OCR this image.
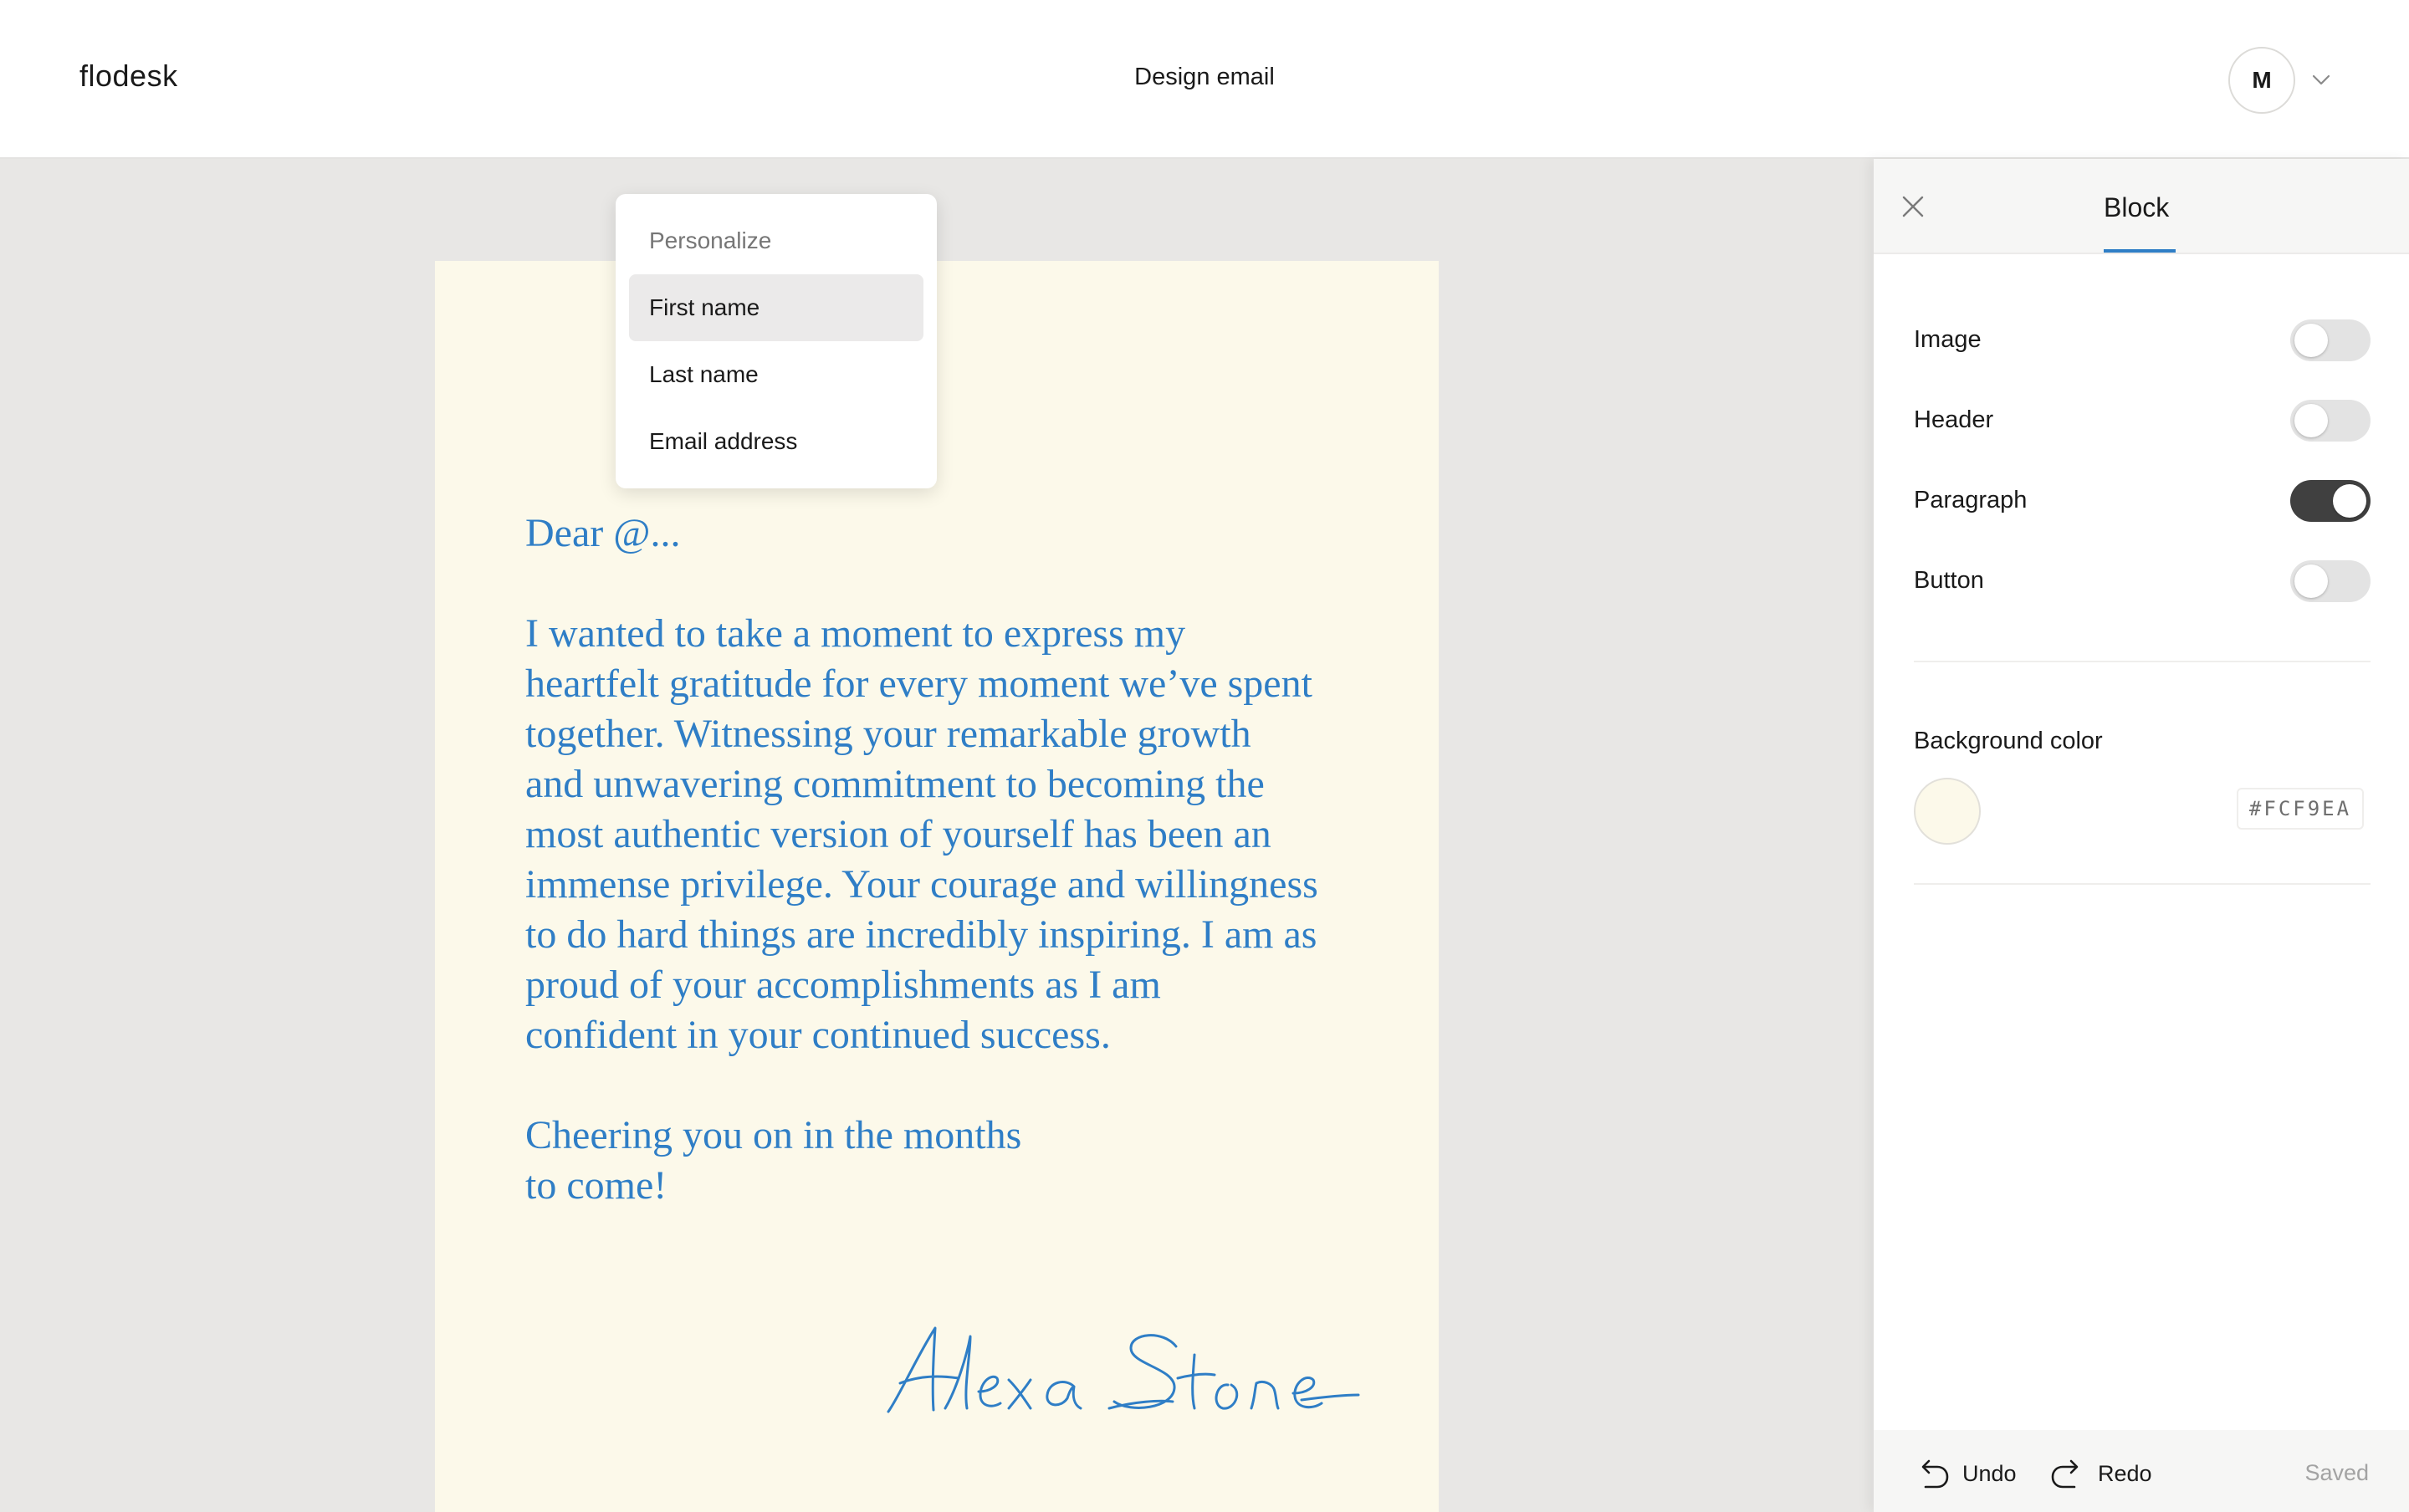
flodesk	Design email	M

Dear @...

I wanted to take a moment to express my
heartfelt gratitude for every moment we’ve spent
together. Witnessing your remarkable growth
and unwavering commitment to becoming the
most authentic version of yourself has been an
immense privilege. Your courage and willingness
to do hard things are incredibly inspiring. I am as
proud of your accomplishments as I am
confident in your continued success.

Cheering you on in the months
to come!

Personalize
First name
Last name
Email address
Block
Image
Header
Paragraph
Button
Background color
#FCF9EA
Undo	Redo	Saved
